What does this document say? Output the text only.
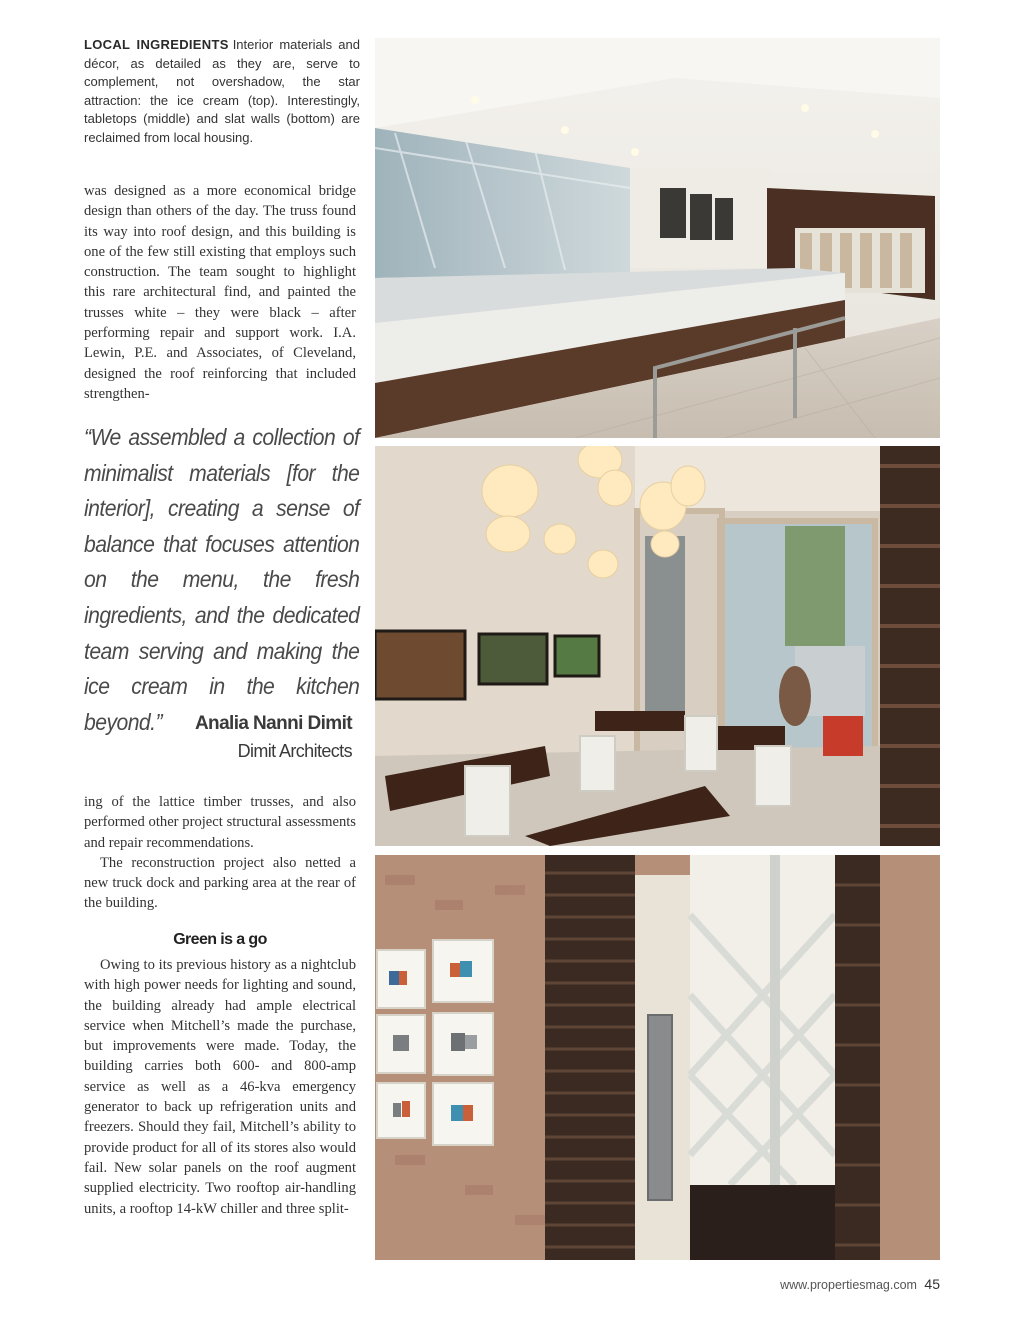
LOCAL INGREDIENTS Interior materials and décor, as detailed as they are, serve to complement, not overshadow, the star attraction: the ice cream (top). Interestingly, tabletops (middle) and slat walls (bottom) are reclaimed from local housing.

was designed as a more economical bridge design than others of the day. The truss found its way into roof design, and this building is one of the few still existing that employs such construction. The team sought to highlight this rare architectural find, and painted the trusses white – they were black – after performing repair and support work. I.A. Lewin, P.E. and Associates, of Cleveland, designed the roof reinforcing that included strengthen-

“We assembled a collection of minimalist materials [for the interior], creating a sense of balance that focuses attention on the menu, the fresh ingredients, and the dedicated team serving and making the ice cream in the kitchen beyond.”	Analia Nanni Dimit
Dimit Architects

ing of the lattice timber trusses, and also performed other project structural assessments and repair recommendations.

The reconstruction project also netted a new truck dock and parking area at the rear of the building.

Green is a go

Owing to its previous history as a nightclub with high power needs for lighting and sound, the building already had ample electrical service when Mitchell’s made the purchase, but improvements were made. Today, the building carries both 600- and 800-amp service as well as a 46-kva emergency generator to back up refrigeration units and freezers. Should they fail, Mitchell’s ability to provide product for all of its stores also would fail. New solar panels on the roof augment supplied electricity. Two rooftop air-handling units, a rooftop 14-kW chiller and three split-

www.propertiesmag.com 45
